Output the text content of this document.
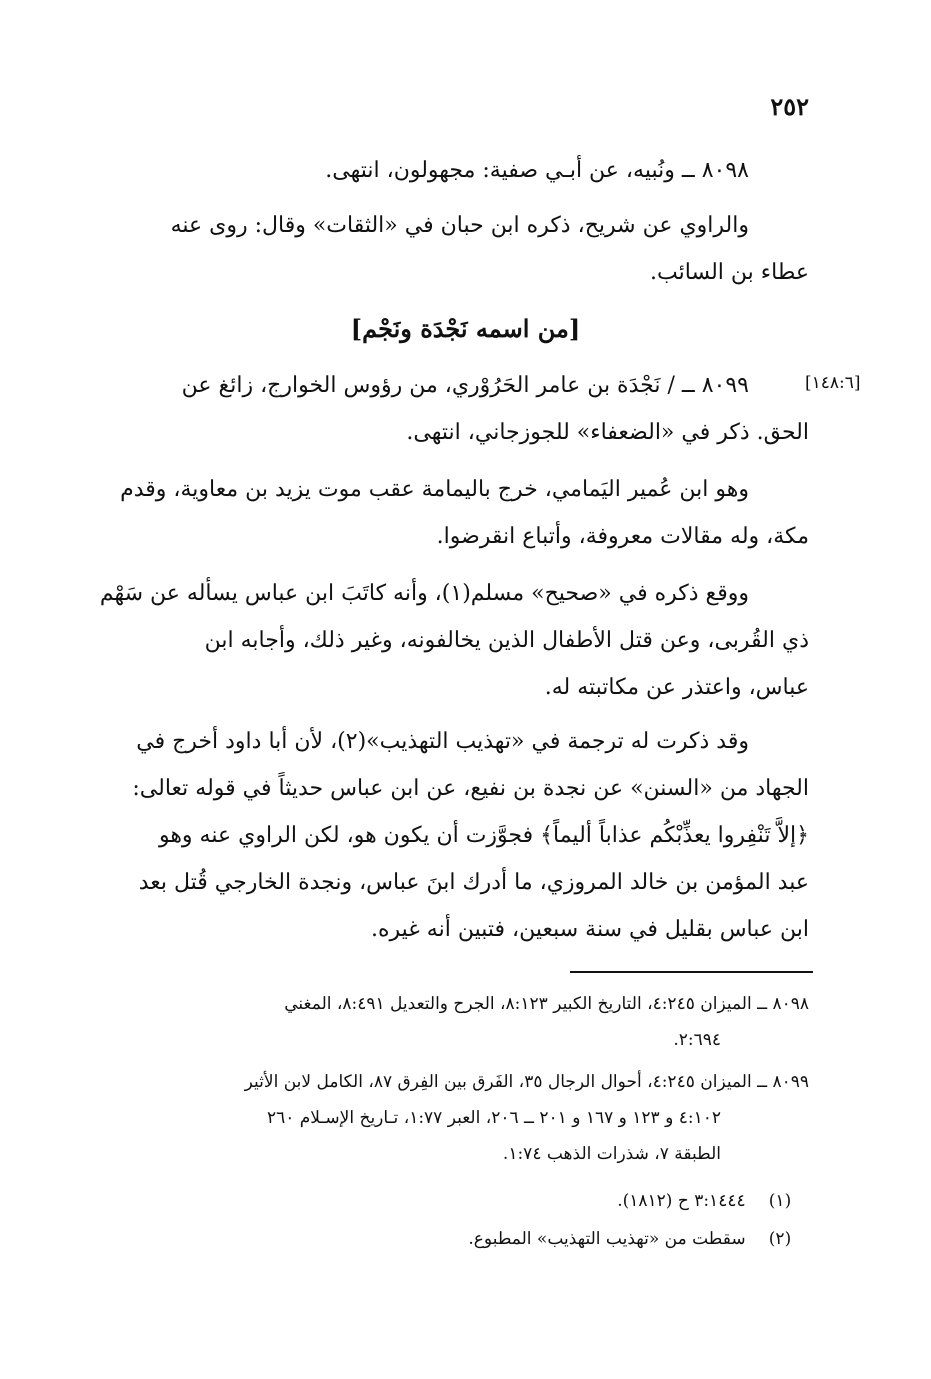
٢٥٢
٨٠٩٨ ــ ونُبيه، عن أبـي صفية: مجهولون، انتهى.
والراوي عن شريح، ذكره ابن حبان في «الثقات» وقال: روى عنه
عطاء بن السائب.
[من اسمه نَجْدَة ونَجْم]
[١٤٨:٦]
٨٠٩٩ ــ / نَجْدَة بن عامر الحَرُوْري، من رؤوس الخوارج، زائغ عن
الحق. ذكر في «الضعفاء» للجوزجاني، انتهى.
وهو ابن عُمير اليَمامي، خرج باليمامة عقب موت يزيد بن معاوية، وقدم
مكة، وله مقالات معروفة، وأتباع انقرضوا.
ووقع ذكره في «صحيح» مسلم(١)، وأنه كاتَبَ ابن عباس يسأله عن سَهْم
ذي القُربى، وعن قتل الأطفال الذين يخالفونه، وغير ذلك، وأجابه ابن
عباس، واعتذر عن مكاتبته له.
وقد ذكرت له ترجمة في «تهذيب التهذيب»(٢)، لأن أبا داود أخرج في
الجهاد من «السنن» عن نجدة بن نفيع، عن ابن عباس حديثاً في قوله تعالى:
﴿إلاَّ تَنْفِروا يعذِّبْكُم عذاباً أليماً﴾ فجوَّزت أن يكون هو، لكن الراوي عنه وهو
عبد المؤمن بن خالد المروزي، ما أدرك ابنَ عباس، ونجدة الخارجي قُتل بعد
ابن عباس بقليل في سنة سبعين، فتبين أنه غيره.
٨٠٩٨ ــ الميزان ٤:٢٤٥، التاريخ الكبير ٨:١٢٣، الجرح والتعديل ٨:٤٩١، المغني
٢:٦٩٤.
٨٠٩٩ ــ الميزان ٤:٢٤٥، أحوال الرجال ٣٥، الفَرق بين الفِرق ٨٧، الكامل لابن الأثير
٤:١٠٢ و ١٢٣ و ١٦٧ و ٢٠١ ــ ٢٠٦، العبر ١:٧٧، تـاريخ الإسـلام ٢٦٠
الطبقة ٧، شذرات الذهب ١:٧٤.
(١) ٣:١٤٤٤ ح (١٨١٢).
(٢) سقطت من «تهذيب التهذيب» المطبوع.
